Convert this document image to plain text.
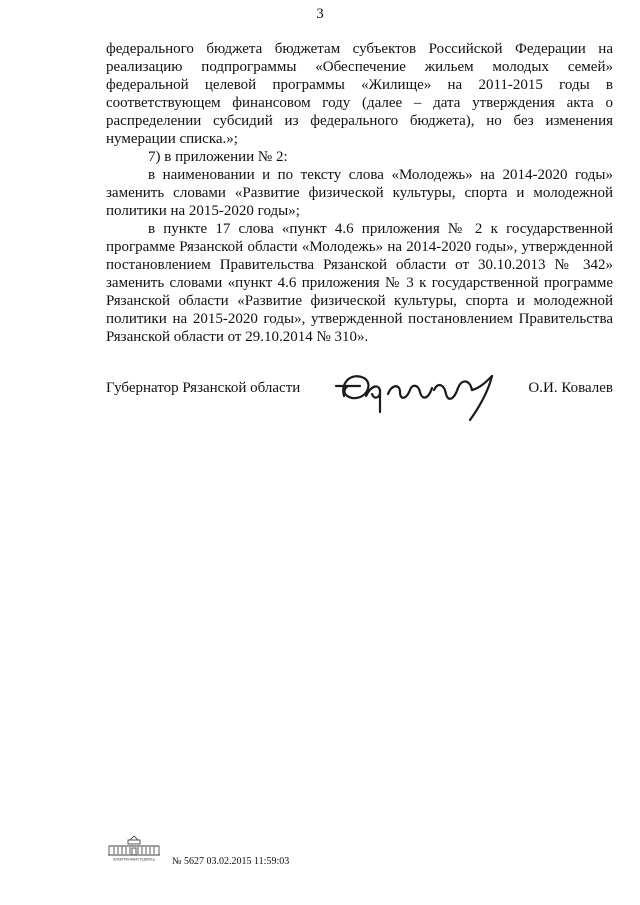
3

федерального бюджета бюджетам субъектов Российской Федерации на реализацию подпрограммы «Обеспечение жильем молодых семей» федеральной целевой программы «Жилище» на 2011-2015 годы в соответствующем финансовом году (далее – дата утверждения акта о распределении субсидий из федерального бюджета), но без изменения нумерации списка.»;

7) в приложении № 2:

в наименовании и по тексту слова «Молодежь» на 2014-2020 годы» заменить словами «Развитие физической культуры, спорта и молодежной политики на 2015-2020 годы»;

в пункте 17 слова «пункт 4.6 приложения № 2 к государственной программе Рязанской области «Молодежь» на 2014-2020 годы», утвержденной постановлением Правительства Рязанской области от 30.10.2013 № 342» заменить словами «пункт 4.6 приложения № 3 к государственной программе Рязанской области «Развитие физической культуры, спорта и молодежной политики на 2015-2020 годы», утвержденной постановлением Правительства Рязанской области от 29.10.2014 № 310».

Губернатор Рязанской области	О.И. Ковалев
ЭЛЕКТРОННАЯ ПОДПИСЬ № 5627 03.02.2015 11:59:03
